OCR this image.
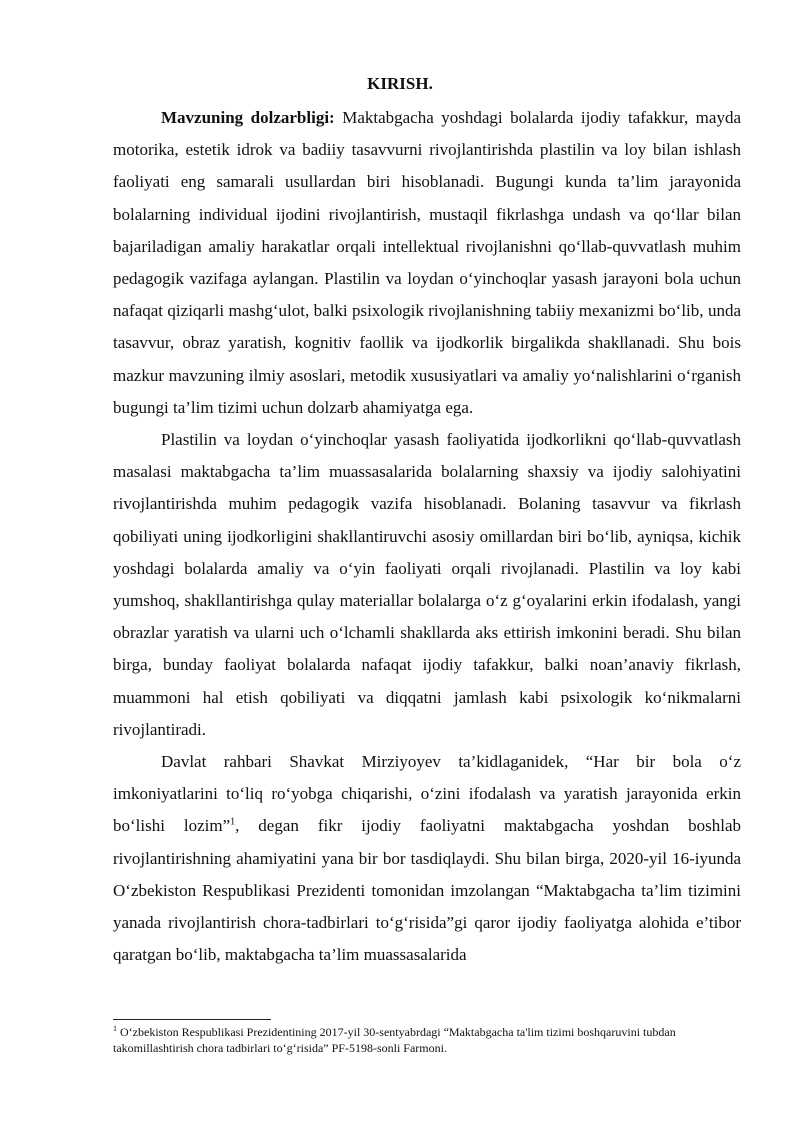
KIRISH.

Mavzuning dolzarbligi: Maktabgacha yoshdagi bolalarda ijodiy tafakkur, mayda motorika, estetik idrok va badiiy tasavvurni rivojlantirishda plastilin va loy bilan ishlash faoliyati eng samarali usullardan biri hisoblanadi. Bugungi kunda ta’lim jarayonida bolalarning individual ijodini rivojlantirish, mustaqil fikrlashga undash va qo‘llar bilan bajariladigan amaliy harakatlar orqali intellektual rivojlanishni qo‘llab-quvvatlash muhim pedagogik vazifaga aylangan. Plastilin va loydan o‘yinchoqlar yasash jarayoni bola uchun nafaqat qiziqarli mashg‘ulot, balki psixologik rivojlanishning tabiiy mexanizmi bo‘lib, unda tasavvur, obraz yaratish, kognitiv faollik va ijodkorlik birgalikda shakllanadi. Shu bois mazkur mavzuning ilmiy asoslari, metodik xususiyatlari va amaliy yo‘nalishlarini o‘rganish bugungi ta’lim tizimi uchun dolzarb ahamiyatga ega.

Plastilin va loydan o‘yinchoqlar yasash faoliyatida ijodkorlikni qo‘llab-quvvatlash masalasi maktabgacha ta’lim muassasalarida bolalarning shaxsiy va ijodiy salohiyatini rivojlantirishda muhim pedagogik vazifa hisoblanadi. Bolaning tasavvur va fikrlash qobiliyati uning ijodkorligini shakllantiruvchi asosiy omillardan biri bo‘lib, ayniqsa, kichik yoshdagi bolalarda amaliy va o‘yin faoliyati orqali rivojlanadi. Plastilin va loy kabi yumshoq, shakllantirishga qulay materiallar bolalarga o‘z g‘oyalarini erkin ifodalash, yangi obrazlar yaratish va ularni uch o‘lchamli shakllarda aks ettirish imkonini beradi. Shu bilan birga, bunday faoliyat bolalarda nafaqat ijodiy tafakkur, balki noan’anaviy fikrlash, muammoni hal etish qobiliyati va diqqatni jamlash kabi psixologik ko‘nikmalarni rivojlantiradi.

Davlat rahbari Shavkat Mirziyoyev ta’kidlaganidek, “Har bir bola o‘z imkoniyatlarini to‘liq ro‘yobga chiqarishi, o‘zini ifodalash va yaratish jarayonida erkin bo‘lishi lozim”$^1$, degan fikr ijodiy faoliyatni maktabgacha yoshdan boshlab rivojlantirishning ahamiyatini yana bir bor tasdiqlaydi. Shu bilan birga, 2020-yil 16-iyunda O‘zbekiston Respublikasi Prezidenti tomonidan imzolangan “Maktabgacha ta’lim tizimini yanada rivojlantirish chora-tadbirlari to‘g‘risida”gi qaror ijodiy faoliyatga alohida e’tibor qaratgan bo‘lib, maktabgacha ta’lim muassasalarida

$^1$ O‘zbekiston Respublikasi Prezidentining 2017-yil 30-sentyabrdagi “Maktabgacha ta'lim tizimi boshqaruvini tubdan takomillashtirish chora tadbirlari to‘g‘risida” PF-5198-sonli Farmoni.
